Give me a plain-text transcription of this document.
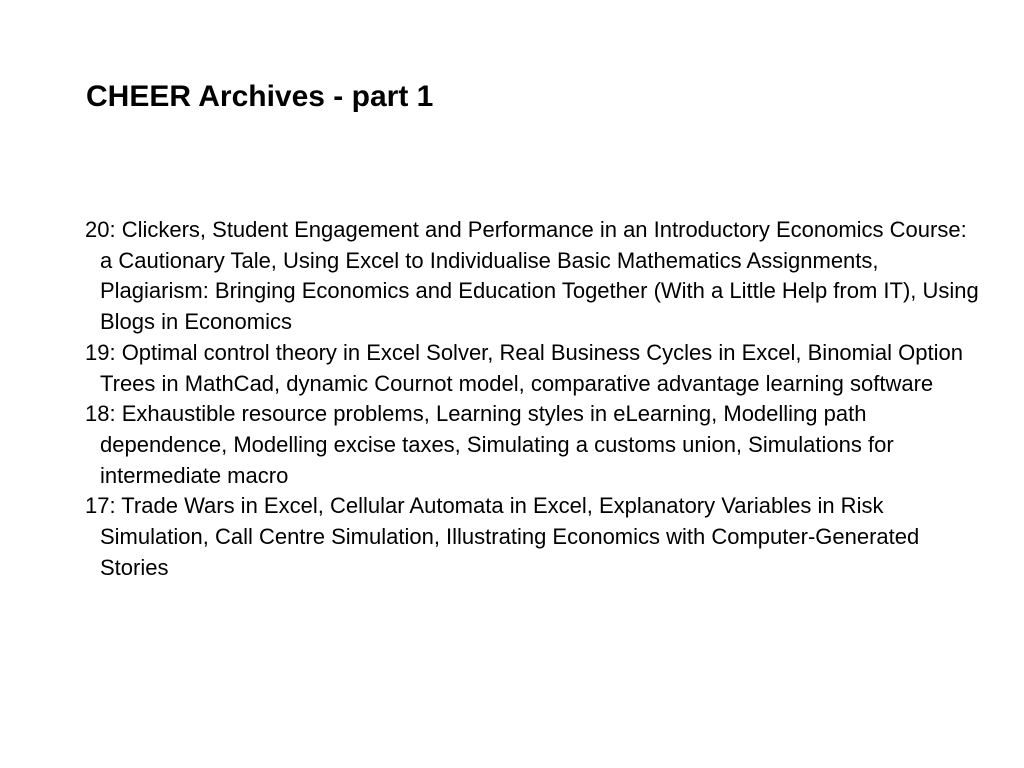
CHEER Archives - part 1
20: Clickers, Student Engagement and Performance in an Introductory Economics Course: a Cautionary Tale, Using Excel to Individualise Basic Mathematics Assignments, Plagiarism: Bringing Economics and Education Together (With a Little Help from IT), Using Blogs in Economics
19: Optimal control theory in Excel Solver, Real Business Cycles in Excel, Binomial Option Trees in MathCad, dynamic Cournot model, comparative advantage learning software
18: Exhaustible resource problems, Learning styles in eLearning, Modelling path dependence, Modelling excise taxes, Simulating a customs union, Simulations for intermediate macro
17: Trade Wars in Excel, Cellular Automata in Excel, Explanatory Variables in Risk Simulation, Call Centre Simulation, Illustrating Economics with Computer-Generated Stories
